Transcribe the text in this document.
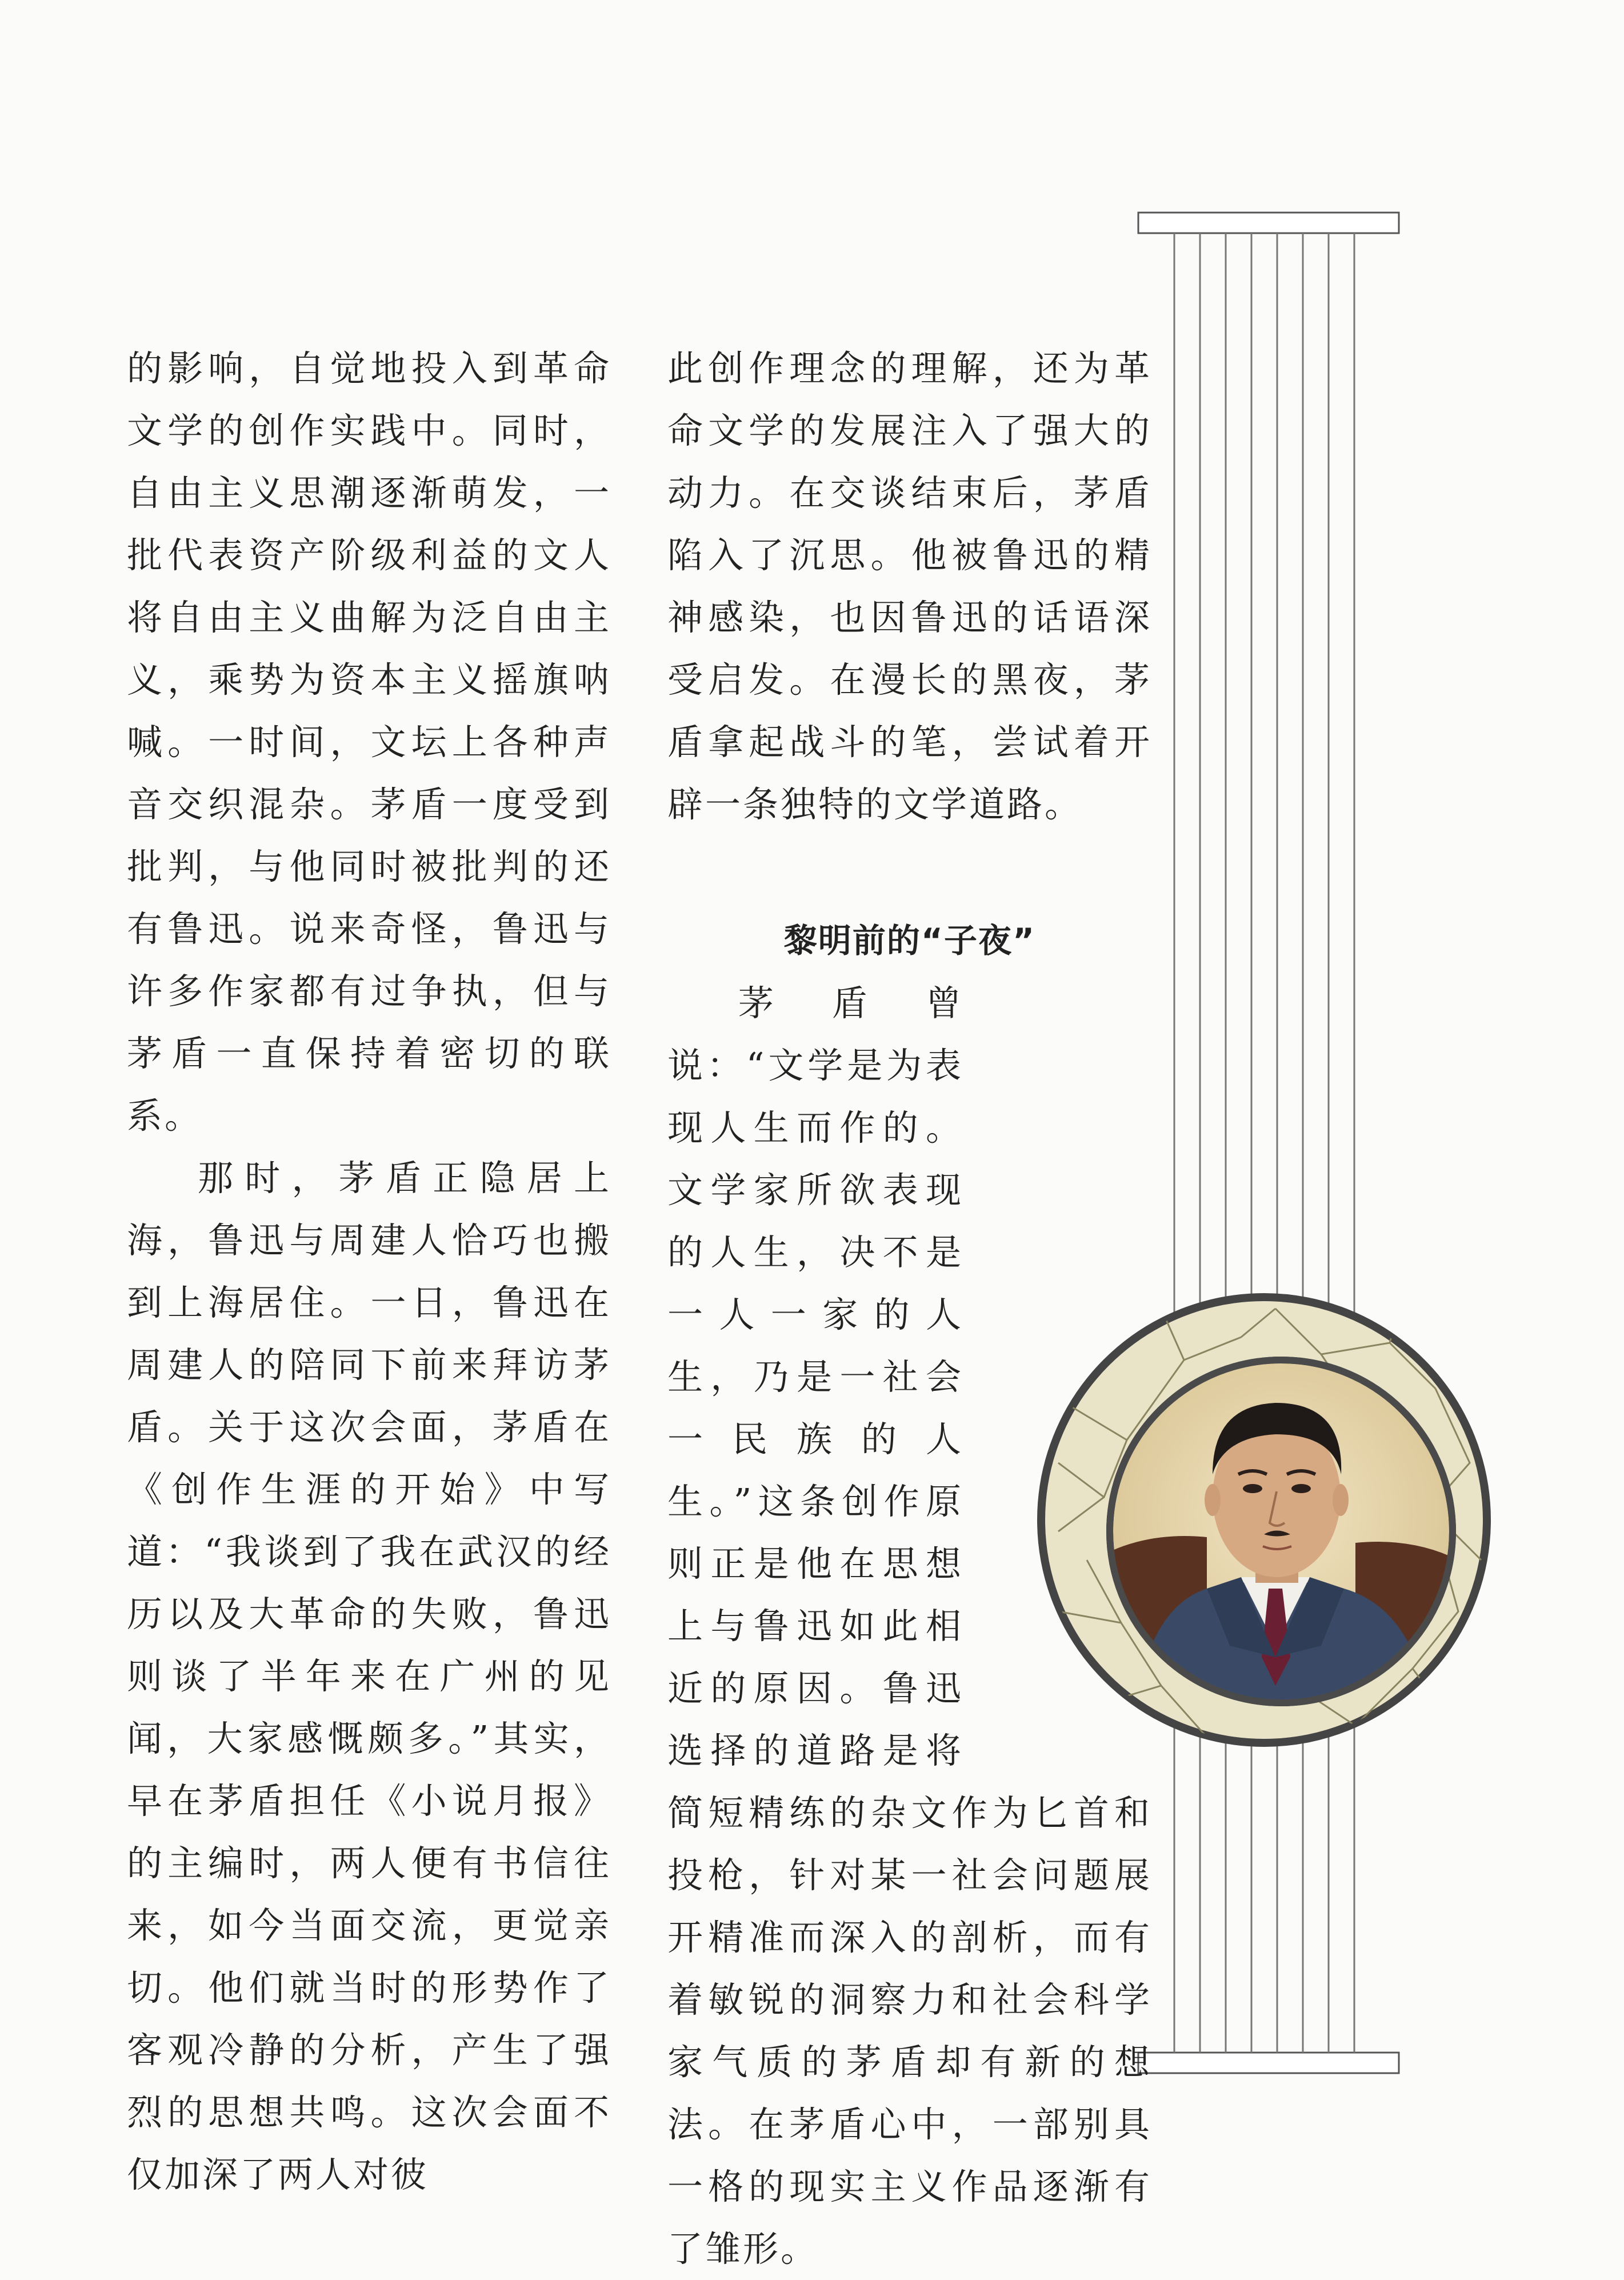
的影响，自觉地投入到革命文学的创作实践中。同时，自由主义思潮逐渐萌发，一批代表资产阶级利益的文人将自由主义曲解为泛自由主义，乘势为资本主义摇旗呐喊。一时间，文坛上各种声音交织混杂。茅盾一度受到批判，与他同时被批判的还有鲁迅。说来奇怪，鲁迅与许多作家都有过争执，但与茅盾一直保持着密切的联系。

那时，茅盾正隐居上海，鲁迅与周建人恰巧也搬到上海居住。一日，鲁迅在周建人的陪同下前来拜访茅盾。关于这次会面，茅盾在《创作生涯的开始》中写道：“我谈到了我在武汉的经历以及大革命的失败，鲁迅则谈了半年来在广州的见闻，大家感慨颇多。”其实，早在茅盾担任《小说月报》的主编时，两人便有书信往来，如今当面交流，更觉亲切。他们就当时的形势作了客观冷静的分析，产生了强烈的思想共鸣。这次会面不仅加深了两人对彼

此创作理念的理解，还为革命文学的发展注入了强大的动力。在交谈结束后，茅盾陷入了沉思。他被鲁迅的精神感染，也因鲁迅的话语深受启发。在漫长的黑夜，茅盾拿起战斗的笔，尝试着开辟一条独特的文学道路。

黎明前的“子夜”

茅盾曾说：“文学是为表现人生而作的。文学家所欲表现的人生，决不是一人一家的人生，乃是一社会一民族的人生。”这条创作原则正是他在思想上与鲁迅如此相近的原因。鲁迅选择的道路是将简短精练的杂文作为匕首和投枪，针对某一社会问题展开精准而深入的剖析，而有着敏锐的洞察力和社会科学家气质的茅盾却有新的想法。在茅盾心中，一部别具一格的现实主义作品逐渐有了雏形。
